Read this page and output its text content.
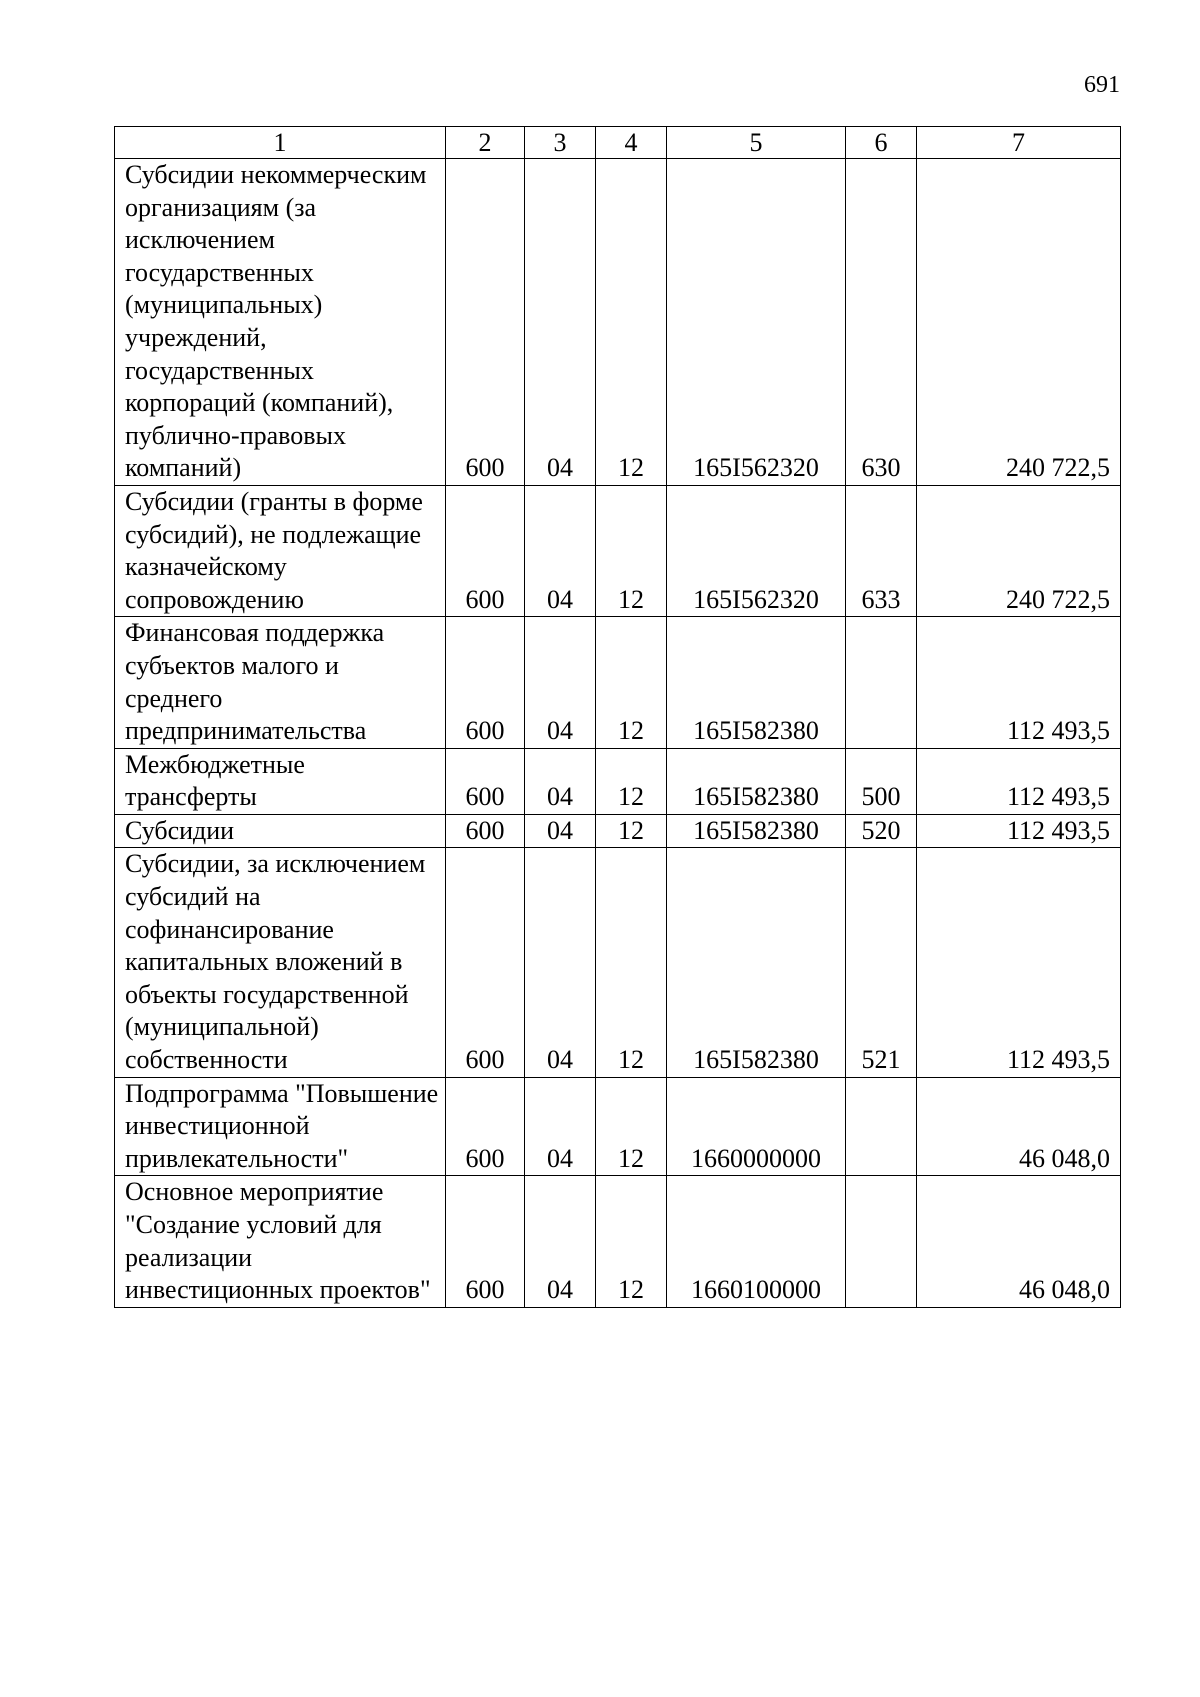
691
1	2	3	4	5	6	7
Субсидии некоммерческим организациям (за исключением государственных (муниципальных) учреждений, государственных корпораций (компаний), публично-правовых компаний)	600	04	12	165I562320	630	240 722,5
Субсидии (гранты в форме субсидий), не подлежащие казначейскому сопровождению	600	04	12	165I562320	633	240 722,5
Финансовая поддержка субъектов малого и среднего предпринимательства	600	04	12	165I582380		112 493,5
Межбюджетные трансферты	600	04	12	165I582380	500	112 493,5
Субсидии	600	04	12	165I582380	520	112 493,5
Субсидии, за исключением субсидий на софинансирование капитальных вложений в объекты государственной (муниципальной) собственности	600	04	12	165I582380	521	112 493,5
Подпрограмма "Повышение инвестиционной привлекательности"	600	04	12	1660000000		46 048,0
Основное мероприятие "Создание условий для реализации инвестиционных проектов"	600	04	12	1660100000		46 048,0
